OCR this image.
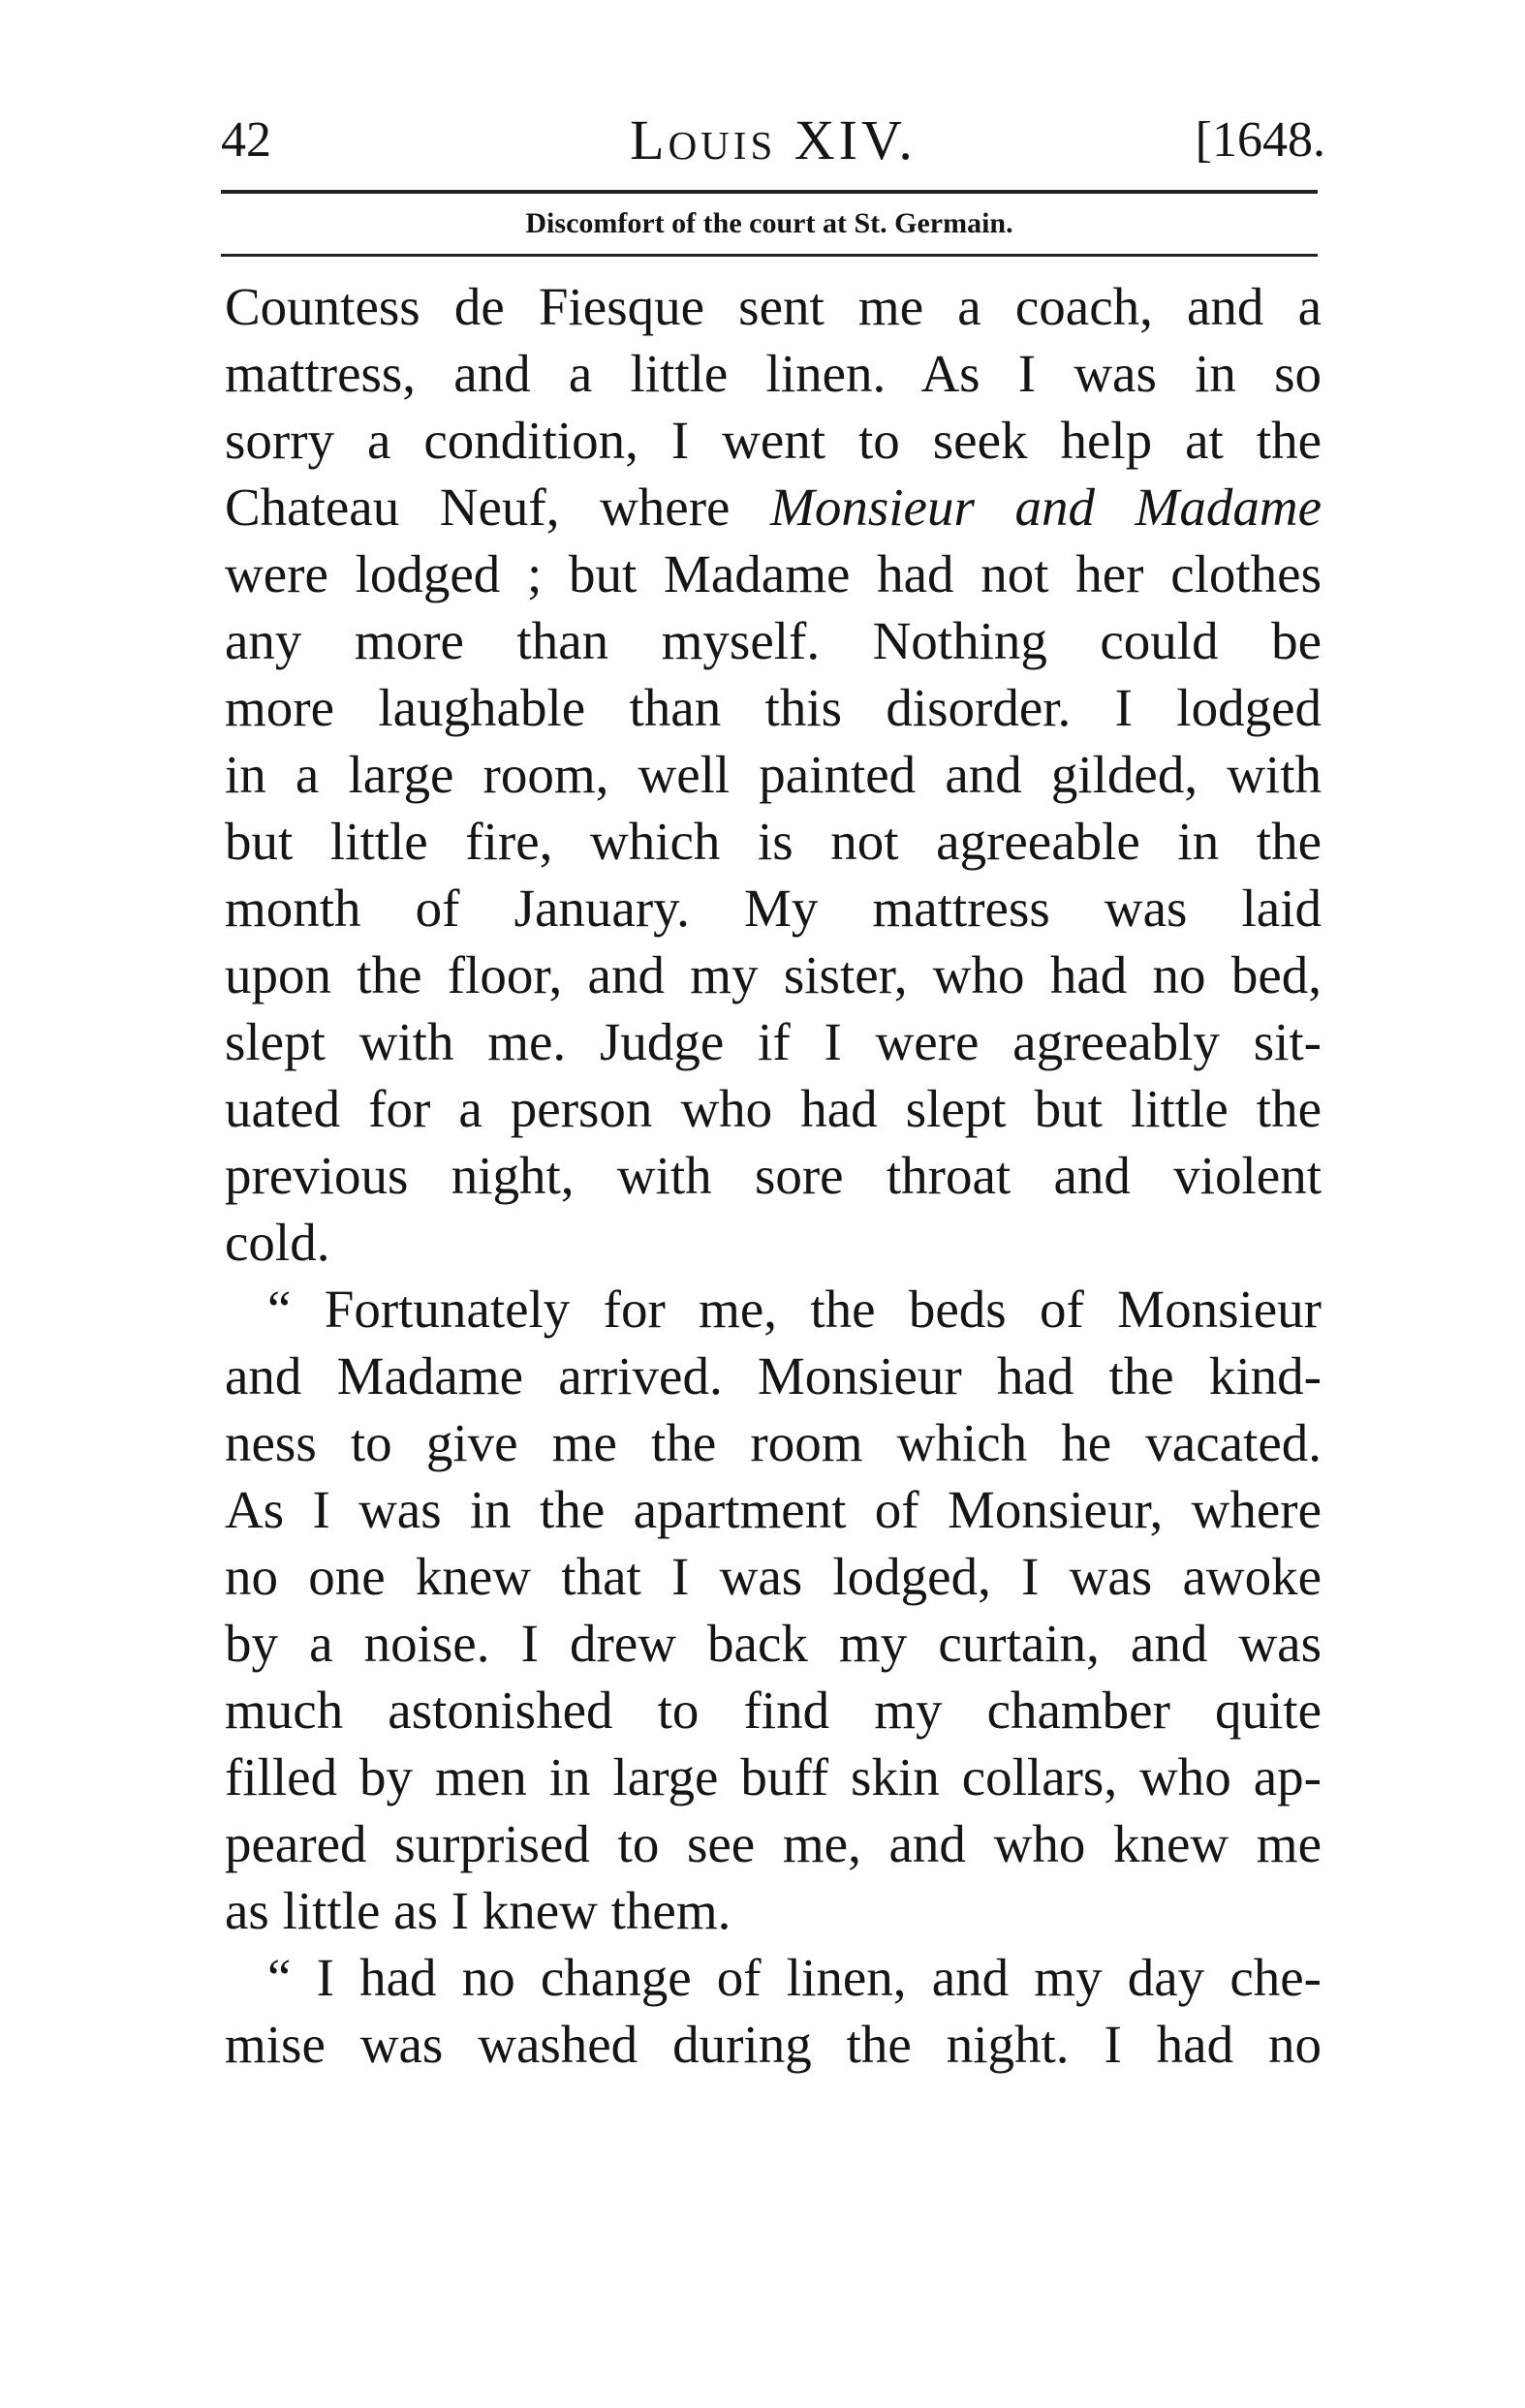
42	Louis XIV.	[1648.
Discomfort of the court at St. Germain.
Countess de Fiesque sent me a coach, and a
mattress, and a little linen. As I was in so
sorry a condition, I went to seek help at the
Chateau Neuf, where Monsieur and Madame
were lodged ; but Madame had not her clothes
any more than myself. Nothing could be
more laughable than this disorder. I lodged
in a large room, well painted and gilded, with
but little fire, which is not agreeable in the
month of January. My mattress was laid
upon the floor, and my sister, who had no bed,
slept with me. Judge if I were agreeably sit-
uated for a person who had slept but little the
previous night, with sore throat and violent
cold.
“ Fortunately for me, the beds of Monsieur
and Madame arrived. Monsieur had the kind-
ness to give me the room which he vacated.
As I was in the apartment of Monsieur, where
no one knew that I was lodged, I was awoke
by a noise. I drew back my curtain, and was
much astonished to find my chamber quite
filled by men in large buff skin collars, who ap-
peared surprised to see me, and who knew me
as little as I knew them.
“ I had no change of linen, and my day che-
mise was washed during the night. I had no
